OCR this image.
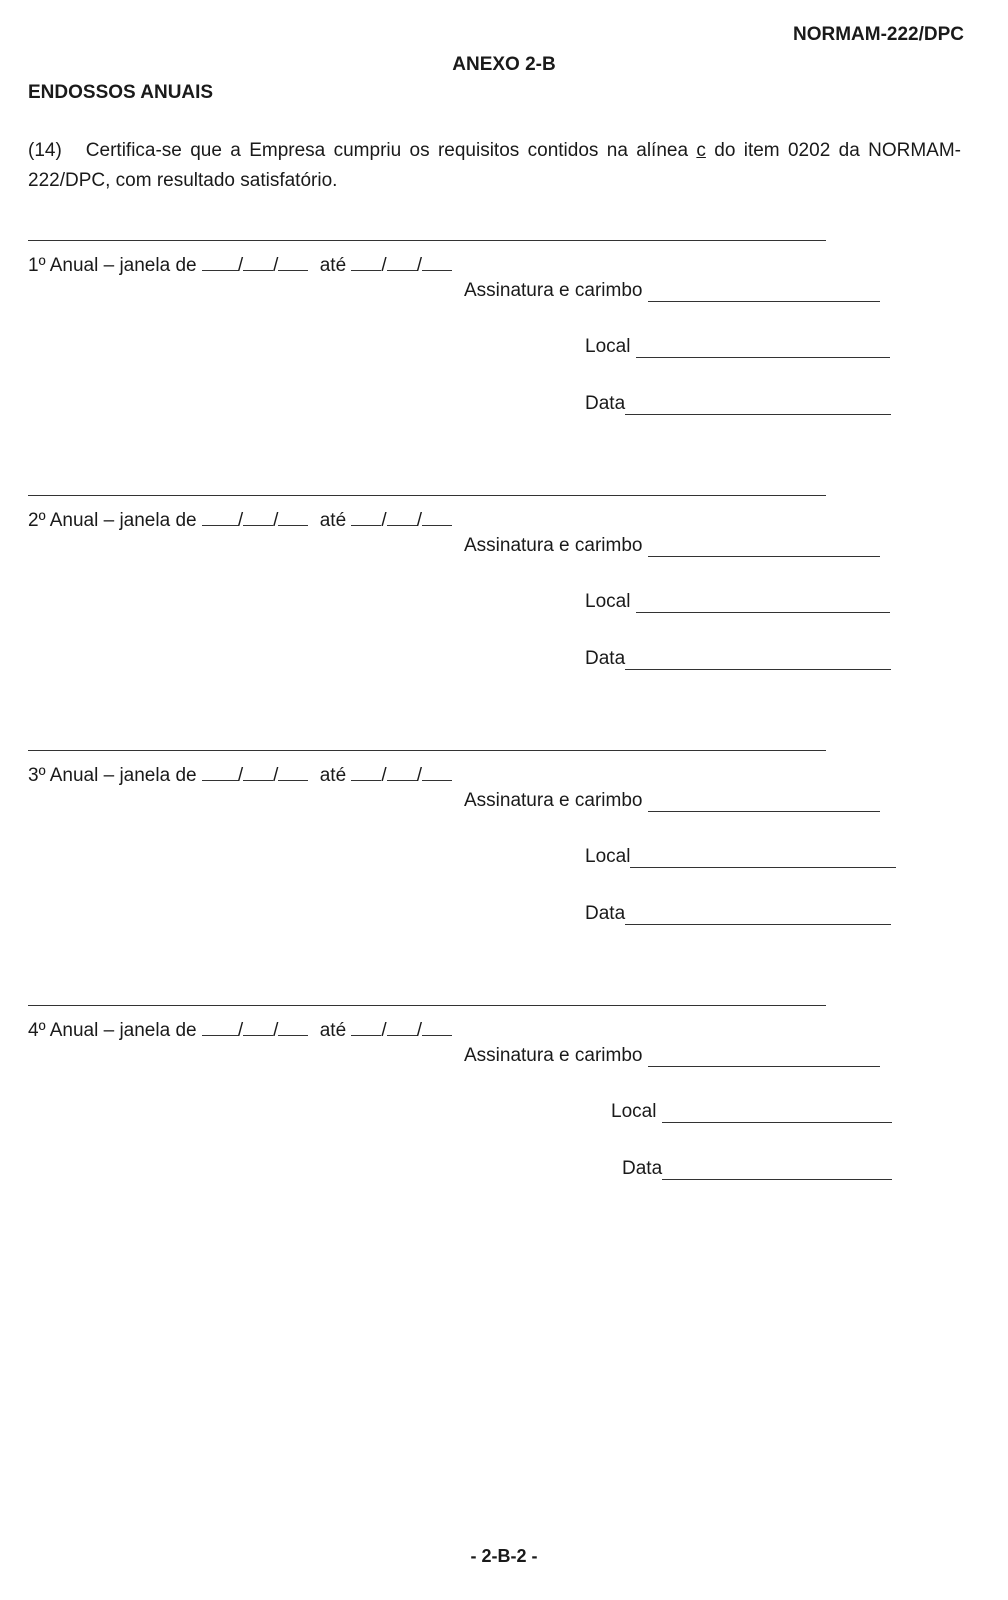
NORMAM-222/DPC
ANEXO 2-B
ENDOSSOS ANUAIS
(14) Certifica-se que a Empresa cumpriu os requisitos contidos na alínea c do item 0202 da NORMAM-222/DPC, com resultado satisfatório.
1º Anual – janela de / / até / /
Assinatura e carimbo
Local
Data
2º Anual – janela de / / até / /
Assinatura e carimbo
Local
Data
3º Anual – janela de / / até / /
Assinatura e carimbo
Local
Data
4º Anual – janela de / / até / /
Assinatura e carimbo
Local
Data
- 2-B-2 -
